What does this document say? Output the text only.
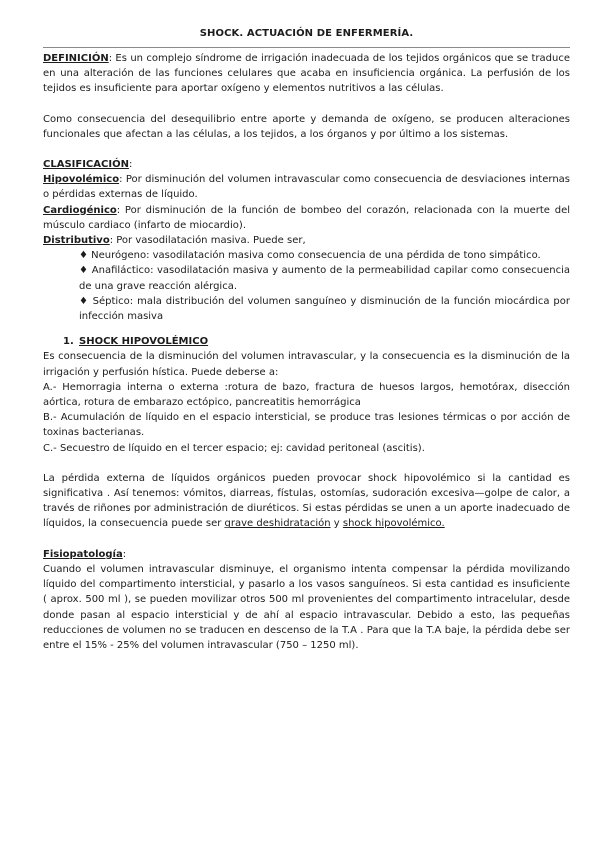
SHOCK. ACTUACIÓN DE ENFERMERÍA.

DEFINICIÓN: Es un complejo síndrome de irrigación inadecuada de los tejidos orgánicos que se traduce en una alteración de las funciones celulares que acaba en insuficiencia orgánica. La perfusión de los tejidos es insuficiente para aportar oxígeno y elementos nutritivos a las células.

Como consecuencia del desequilibrio entre aporte y demanda de oxígeno, se producen alteraciones funcionales que afectan a las células, a los tejidos, a los órganos y por último a los sistemas.

CLASIFICACIÓN:

Hipovolémico: Por disminución del volumen intravascular como consecuencia de desviaciones internas o pérdidas externas de líquido.

Cardiogénico: Por disminución de la función de bombeo del corazón, relacionada con la muerte del músculo cardiaco (infarto de miocardio).

Distributivo: Por vasodilatación masiva. Puede ser,

♦ Neurógeno: vasodilatación masiva como consecuencia de una pérdida de tono simpático.

♦ Anafiláctico: vasodilatación masiva y aumento de la permeabilidad capilar como consecuencia de una grave reacción alérgica.

♦ Séptico: mala distribución del volumen sanguíneo y disminución de la función miocárdica por infección masiva

1. SHOCK HIPOVOLÉMICO

Es consecuencia de la disminución del volumen intravascular, y la consecuencia es la disminución de la irrigación y perfusión hística. Puede deberse a:

A.- Hemorragia interna o externa :rotura de bazo, fractura de huesos largos, hemotórax, disección aórtica, rotura de embarazo ectópico, pancreatitis hemorrágica

B.- Acumulación de líquido en el espacio intersticial, se produce tras lesiones térmicas o por acción de toxinas bacterianas.

C.- Secuestro de líquido en el tercer espacio; ej: cavidad peritoneal (ascitis).

La pérdida externa de líquidos orgánicos pueden provocar shock hipovolémico si la cantidad es significativa . Así tenemos: vómitos, diarreas, fístulas, ostomías, sudoración excesiva—golpe de calor, a través de riñones por administración de diuréticos. Si estas pérdidas se unen a un aporte inadecuado de líquidos, la consecuencia puede ser grave deshidratación y shock hipovolémico.

Fisiopatología:

Cuando el volumen intravascular disminuye, el organismo intenta compensar la pérdida movilizando líquido del compartimento intersticial, y pasarlo a los vasos sanguíneos. Si esta cantidad es insuficiente ( aprox. 500 ml ), se pueden movilizar otros 500 ml provenientes del compartimento intracelular, desde donde pasan al espacio intersticial y de ahí al espacio intravascular. Debido a esto, las pequeñas reducciones de volumen no se traducen en descenso de la T.A . Para que la T.A baje, la pérdida debe ser entre el 15% - 25% del volumen intravascular (750 – 1250 ml).
